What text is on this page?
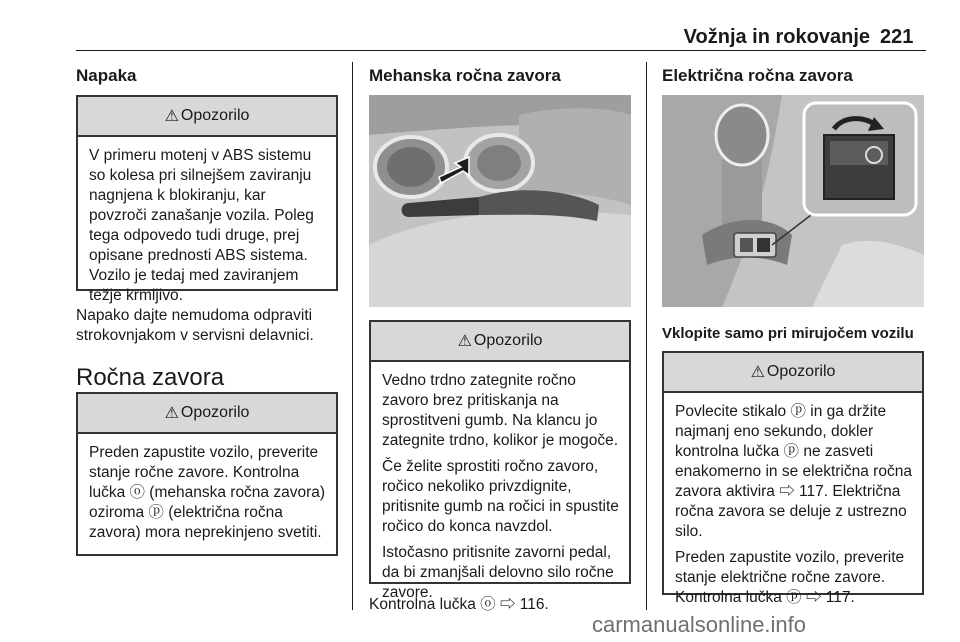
Vožnja in rokovanje 221
Napaka
⚠ Opozorilo

V primeru motenj v ABS sistemu so kolesa pri silnejšem zaviranju nagnjena k blokiranju, kar povzroči zanašanje vozila. Poleg tega odpovedo tudi druge, prej opisane prednosti ABS sistema. Vozilo je tedaj med zaviranjem težje krmljivo.

Napako dajte nemudoma odpraviti strokovnjakom v servisni delavnici.
Ročna zavora
⚠ Opozorilo

Preden zapustite vozilo, preverite stanje ročne zavore. Kontrolna lučka ⓞ (mehanska ročna zavora) oziroma ⓟ (električna ročna zavora) mora neprekinjeno svetiti.

Mehanska ročna zavora
⚠ Opozorilo

Vedno trdno zategnite ročno zavoro brez pritiskanja na sprostitveni gumb. Na klancu jo zategnite trdno, kolikor je mogoče.

Če želite sprostiti ročno zavoro, ročico nekoliko privzdignite, pritisnite gumb na ročici in spustite ročico do konca navzdol.

Istočasno pritisnite zavorni pedal, da bi zmanjšali delovno silo ročne zavore.

Kontrolna lučka ⓞ ⇨ 116.
Električna ročna zavora
Vklopite samo pri mirujočem vozilu
⚠ Opozorilo

Povlecite stikalo ⓟ in ga držite najmanj eno sekundo, dokler kontrolna lučka ⓟ ne zasveti enakomerno in se električna ročna zavora aktivira ⇨ 117. Električna ročna zavora se deluje z ustrezno silo.

Preden zapustite vozilo, preverite stanje električne ročne zavore. Kontrolna lučka ⓟ ⇨ 117.

carmanualsonline.info
